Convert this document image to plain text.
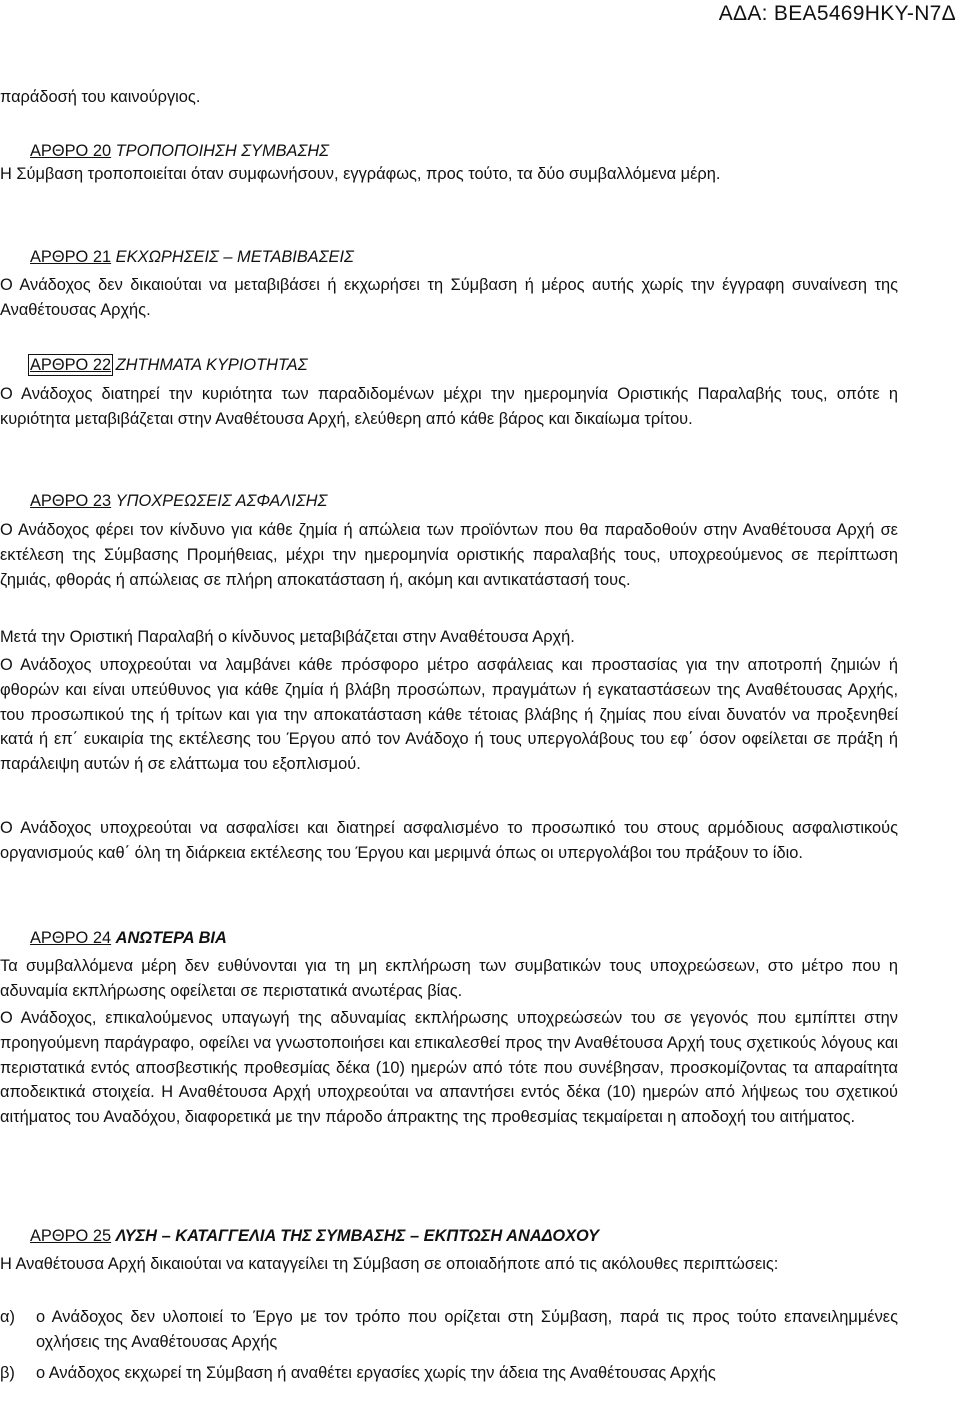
ΑΔΑ: ΒΕΑ5469ΗΚΥ-Ν7Δ
παράδοσή του καινούργιος.
ΑΡΘΡΟ 20 ΤΡΟΠΟΠΟΙΗΣΗ ΣΥΜΒΑΣΗΣ

Η Σύμβαση τροποποιείται όταν συμφωνήσουν, εγγράφως, προς τούτο, τα δύο συμβαλλόμενα μέρη.

ΑΡΘΡΟ 21 ΕΚΧΩΡΗΣΕΙΣ – ΜΕΤΑΒΙΒΑΣΕΙΣ

Ο Ανάδοχος δεν δικαιούται να μεταβιβάσει ή εκχωρήσει τη Σύμβαση ή μέρος αυτής χωρίς την έγγραφη συναίνεση της Αναθέτουσας Αρχής.

ΑΡΘΡΟ 22 ΖΗΤΗΜΑΤΑ ΚΥΡΙΟΤΗΤΑΣ

Ο Ανάδοχος διατηρεί την κυριότητα των παραδιδομένων μέχρι την ημερομηνία Οριστικής Παραλαβής τους, οπότε η κυριότητα μεταβιβάζεται στην Αναθέτουσα Αρχή, ελεύθερη από κάθε βάρος και δικαίωμα τρίτου.

ΑΡΘΡΟ 23 ΥΠΟΧΡΕΩΣΕΙΣ ΑΣΦΑΛΙΣΗΣ

Ο Ανάδοχος φέρει τον κίνδυνο για κάθε ζημία ή απώλεια των προϊόντων που θα παραδοθούν στην Αναθέτουσα Αρχή σε εκτέλεση της Σύμβασης Προμήθειας, μέχρι την ημερομηνία οριστικής παραλαβής τους, υποχρεούμενος σε περίπτωση ζημιάς, φθοράς ή απώλειας σε πλήρη αποκατάσταση ή, ακόμη και αντικατάστασή τους.

Μετά την Οριστική Παραλαβή ο κίνδυνος μεταβιβάζεται στην Αναθέτουσα Αρχή.

Ο Ανάδοχος υποχρεούται να λαμβάνει κάθε πρόσφορο μέτρο ασφάλειας και προστασίας για την αποτροπή ζημιών ή φθορών και είναι υπεύθυνος για κάθε ζημία ή βλάβη προσώπων, πραγμάτων ή εγκαταστάσεων της Αναθέτουσας Αρχής, του προσωπικού της ή τρίτων και για την αποκατάσταση κάθε τέτοιας βλάβης ή ζημίας που είναι δυνατόν να προξενηθεί κατά ή επ΄ ευκαιρία της εκτέλεσης του Έργου από τον Ανάδοχο ή τους υπεργολάβους του εφ΄ όσον οφείλεται σε πράξη ή παράλειψη αυτών ή σε ελάττωμα του εξοπλισμού.

Ο Ανάδοχος υποχρεούται να ασφαλίσει και διατηρεί ασφαλισμένο το προσωπικό του στους αρμόδιους ασφαλιστικούς οργανισμούς καθ΄ όλη τη διάρκεια εκτέλεσης του Έργου και μεριμνά όπως οι υπεργολάβοι του πράξουν το ίδιο.

ΑΡΘΡΟ 24 ΑΝΩΤΕΡΑ ΒΙΑ

Τα συμβαλλόμενα μέρη δεν ευθύνονται για τη μη εκπλήρωση των συμβατικών τους υποχρεώσεων, στο μέτρο που η αδυναμία εκπλήρωσης οφείλεται σε περιστατικά ανωτέρας βίας.

Ο Ανάδοχος, επικαλούμενος υπαγωγή της αδυναμίας εκπλήρωσης υποχρεώσεών του σε γεγονός που εμπίπτει στην προηγούμενη παράγραφο, οφείλει να γνωστοποιήσει και επικαλεσθεί προς την Αναθέτουσα Αρχή τους σχετικούς λόγους και περιστατικά εντός αποσβεστικής προθεσμίας δέκα (10) ημερών από τότε που συνέβησαν, προσκομίζοντας τα απαραίτητα αποδεικτικά στοιχεία. Η Αναθέτουσα Αρχή υποχρεούται να απαντήσει εντός δέκα (10) ημερών από λήψεως του σχετικού αιτήματος του Αναδόχου, διαφορετικά με την πάροδο άπρακτης της προθεσμίας τεκμαίρεται η αποδοχή του αιτήματος.

ΑΡΘΡΟ 25 ΛΥΣΗ – ΚΑΤΑΓΓΕΛΙΑ ΤΗΣ ΣΥΜΒΑΣΗΣ – ΕΚΠΤΩΣΗ ΑΝΑΔΟΧΟΥ

Η Αναθέτουσα Αρχή δικαιούται να καταγγείλει τη Σύμβαση σε οποιαδήποτε από τις ακόλουθες περιπτώσεις:

α)	ο Ανάδοχος δεν υλοποιεί το Έργο με τον τρόπο που ορίζεται στη Σύμβαση, παρά τις προς τούτο επανειλημμένες οχλήσεις της Αναθέτουσας Αρχής
β)	ο Ανάδοχος εκχωρεί τη Σύμβαση ή αναθέτει εργασίες χωρίς την άδεια της Αναθέτουσας Αρχής
